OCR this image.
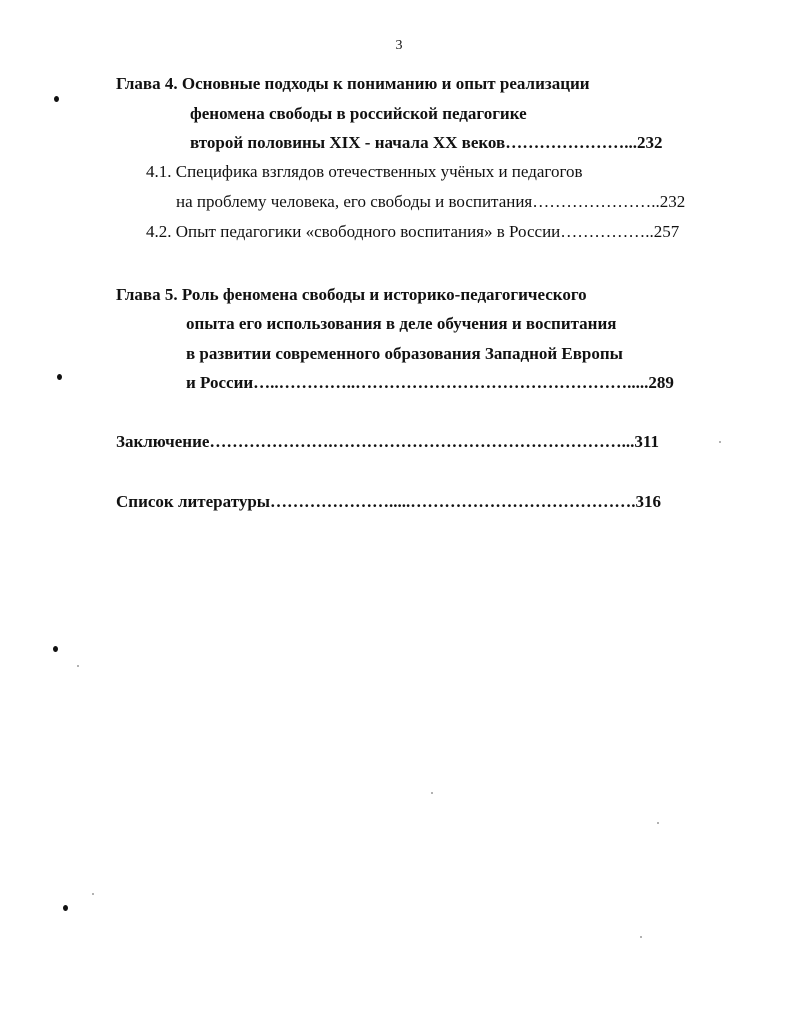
3
Глава 4. Основные подходы к пониманию и опыт реализации
феномена свободы в российской педагогике
второй половины XIX - начала XX веков…………………...232
4.1. Специфика взглядов отечественных учёных и педагогов
на проблему человека, его свободы и воспитания…………………..232
4.2. Опыт педагогики «свободного воспитания» в России……………..257
Глава 5. Роль феномена свободы и историко-педагогического
опыта его использования в деле обучения и воспитания
в развитии современного образования Западной Европы
и России…..…………..………………………………………….....289
Заключение………………….……………………………………………...311
Список литературы………………….....………………………………….316
